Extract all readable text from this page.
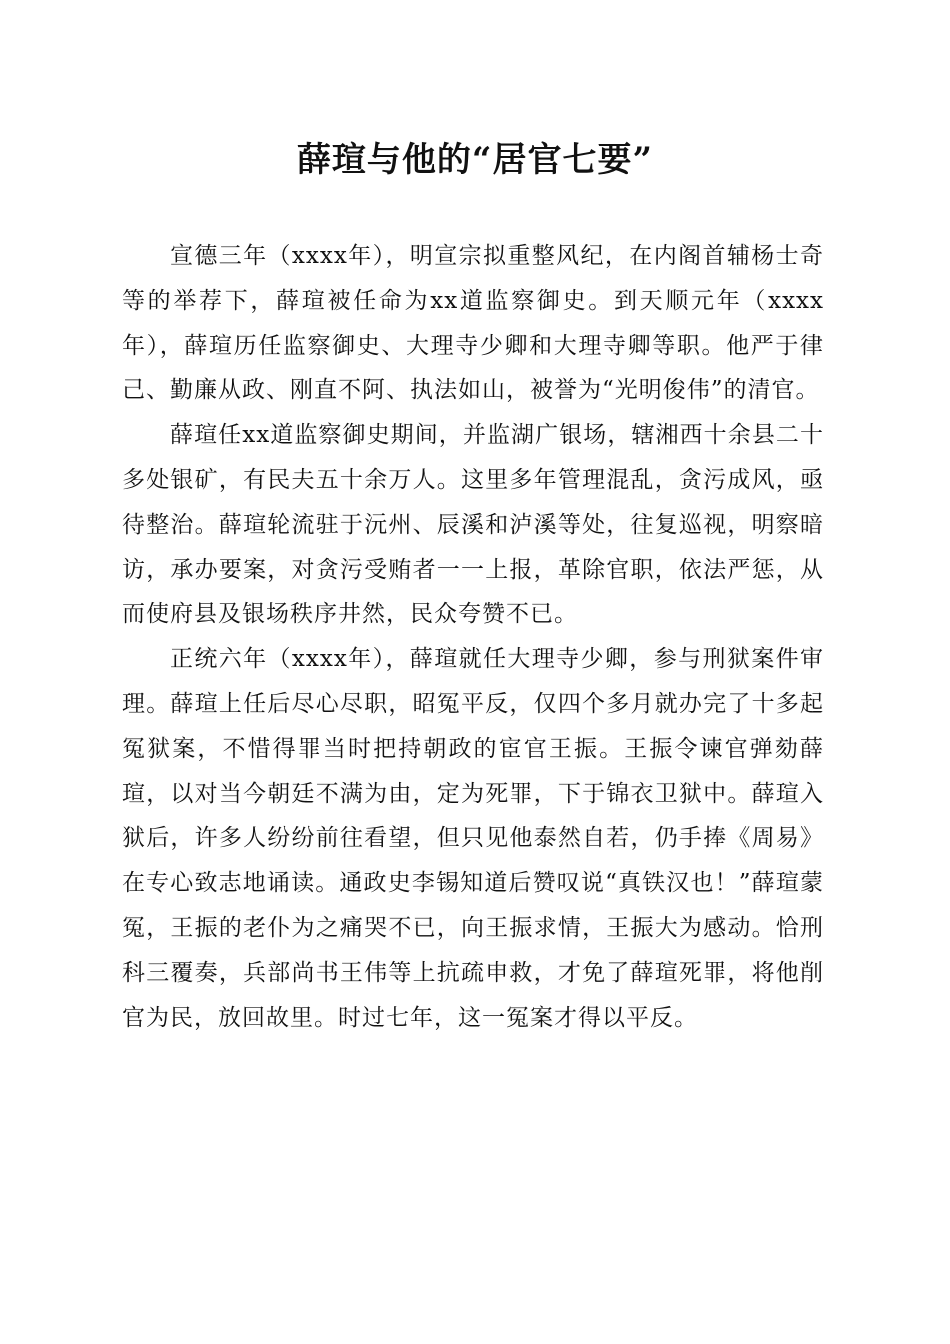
薛瑄与他的“居官七要”

宣德三年（xxxx年），明宣宗拟重整风纪，在内阁首辅杨士奇等的举荐下，薛瑄被任命为xx道监察御史。到天顺元年（xxxx年），薛瑄历任监察御史、大理寺少卿和大理寺卿等职。他严于律己、勤廉从政、刚直不阿、执法如山，被誉为“光明俊伟”的清官。

薛瑄任xx道监察御史期间，并监湖广银场，辖湘西十余县二十多处银矿，有民夫五十余万人。这里多年管理混乱，贪污成风，亟待整治。薛瑄轮流驻于沅州、辰溪和泸溪等处，往复巡视，明察暗访，承办要案，对贪污受贿者一一上报，革除官职，依法严惩，从而使府县及银场秩序井然，民众夸赞不已。

正统六年（xxxx年），薛瑄就任大理寺少卿，参与刑狱案件审理。薛瑄上任后尽心尽职，昭冤平反，仅四个多月就办完了十多起冤狱案，不惜得罪当时把持朝政的宦官王振。王振令谏官弹劾薛瑄，以对当今朝廷不满为由，定为死罪，下于锦衣卫狱中。薛瑄入狱后，许多人纷纷前往看望，但只见他泰然自若，仍手捧《周易》在专心致志地诵读。通政史李锡知道后赞叹说“真铁汉也！”薛瑄蒙冤，王振的老仆为之痛哭不已，向王振求情，王振大为感动。恰刑科三覆奏，兵部尚书王伟等上抗疏申救，才免了薛瑄死罪，将他削官为民，放回故里。时过七年，这一冤案才得以平反。
